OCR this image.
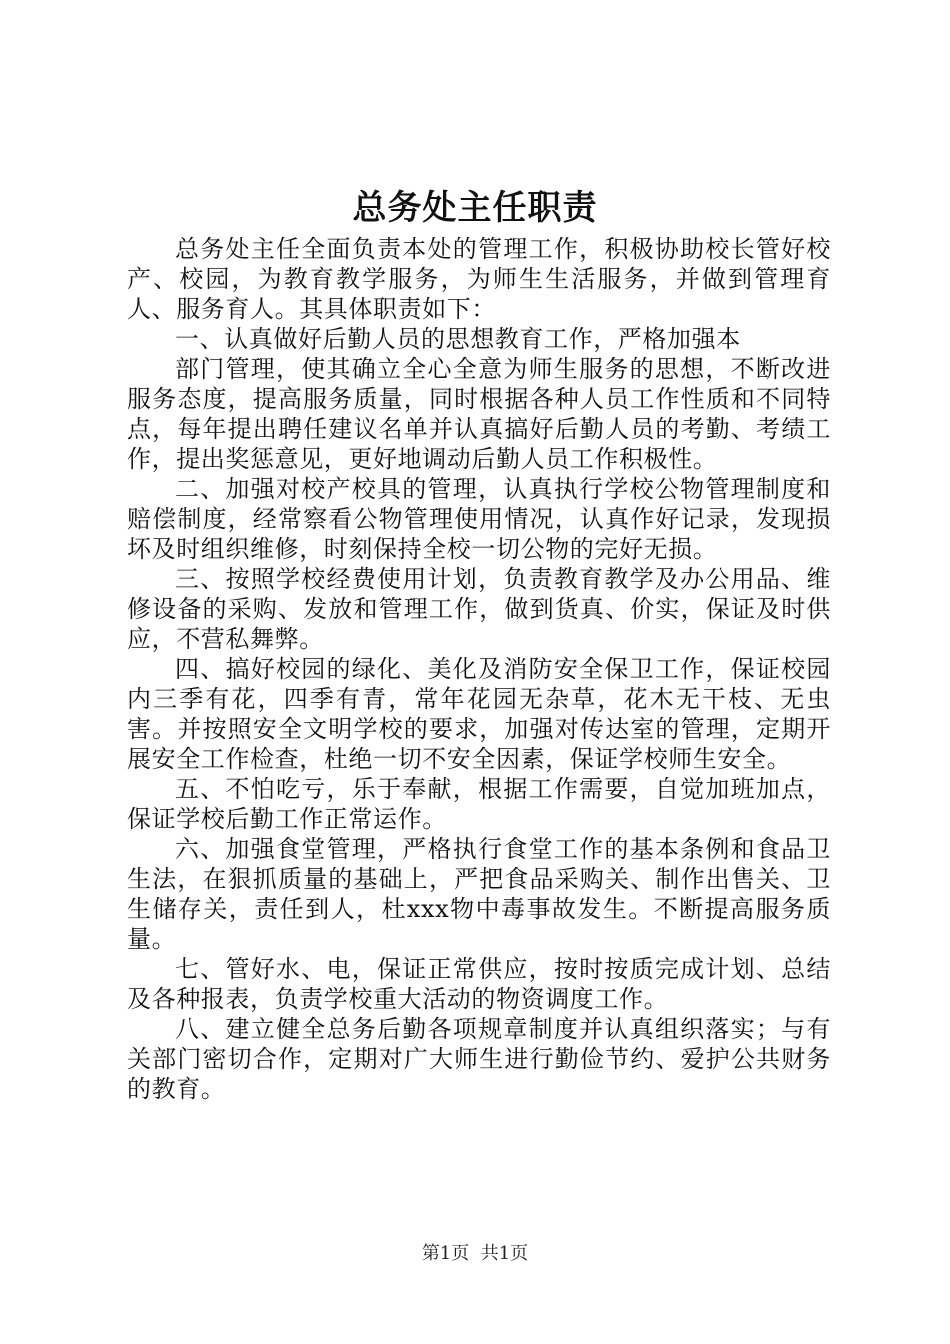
总务处主任职责

总务处主任全面负责本处的管理工作，积极协助校长管好校产、校园，为教育教学服务，为师生生活服务，并做到管理育人、服务育人。其具体职责如下：

一、认真做好后勤人员的思想教育工作，严格加强本

部门管理，使其确立全心全意为师生服务的思想，不断改进服务态度，提高服务质量，同时根据各种人员工作性质和不同特点，每年提出聘任建议名单并认真搞好后勤人员的考勤、考绩工作，提出奖惩意见，更好地调动后勤人员工作积极性。

二、加强对校产校具的管理，认真执行学校公物管理制度和赔偿制度，经常察看公物管理使用情况，认真作好记录，发现损坏及时组织维修，时刻保持全校一切公物的完好无损。

三、按照学校经费使用计划，负责教育教学及办公用品、维修设备的采购、发放和管理工作，做到货真、价实，保证及时供应，不营私舞弊。

四、搞好校园的绿化、美化及消防安全保卫工作，保证校园内三季有花，四季有青，常年花园无杂草，花木无干枝、无虫害。并按照安全文明学校的要求，加强对传达室的管理，定期开展安全工作检查，杜绝一切不安全因素，保证学校师生安全。

五、不怕吃亏，乐于奉献，根据工作需要，自觉加班加点，保证学校后勤工作正常运作。

六、加强食堂管理，严格执行食堂工作的基本条例和食品卫生法，在狠抓质量的基础上，严把食品采购关、制作出售关、卫生储存关，责任到人，杜xxx物中毒事故发生。不断提高服务质量。

七、管好水、电，保证正常供应，按时按质完成计划、总结及各种报表，负责学校重大活动的物资调度工作。

八、建立健全总务后勤各项规章制度并认真组织落实；与有关部门密切合作，定期对广大师生进行勤俭节约、爱护公共财务的教育。

第1页  共1页
